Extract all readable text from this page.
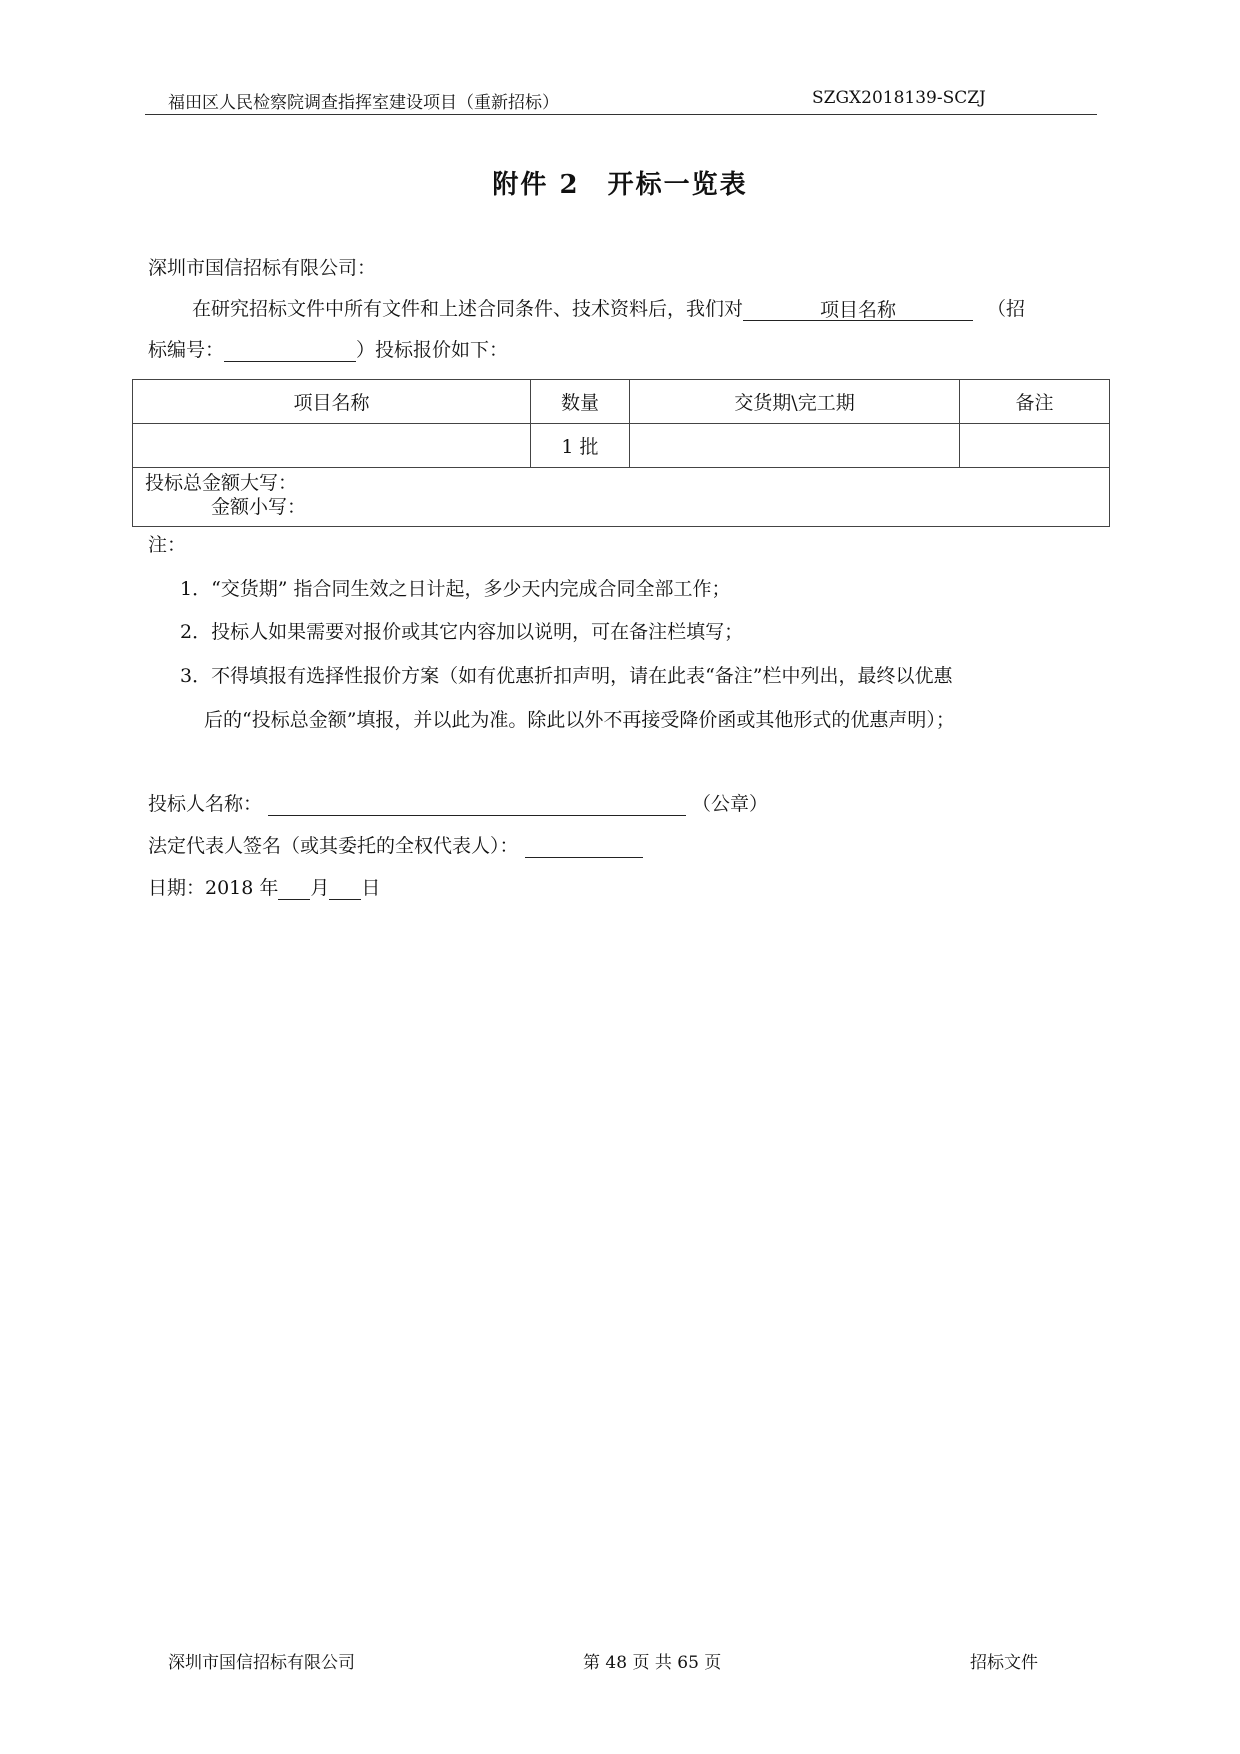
福田区人民检察院调查指挥室建设项目（重新招标）	SZGX2018139-SCZJ
附件 2　开标一览表
深圳市国信招标有限公司：
在研究招标文件中所有文件和上述合同条件、技术资料后，我们对	项目名称	（招
标编号：	）投标报价如下：
项目名称	数量	交货期\完工期	备注
	1 批		

投标总金额大写：
金额小写：			
注：
1．“交货期” 指合同生效之日计起，多少天内完成合同全部工作；
2．投标人如果需要对报价或其它内容加以说明，可在备注栏填写；
3．不得填报有选择性报价方案（如有优惠折扣声明，请在此表“备注”栏中列出，最终以优惠
后的“投标总金额”填报，并以此为准。除此以外不再接受降价函或其他形式的优惠声明）；
投标人名称：	（公章）
法定代表人签名（或其委托的全权代表人）：
日期：2018 年 月 日
深圳市国信招标有限公司	第 48 页 共 65 页	招标文件
